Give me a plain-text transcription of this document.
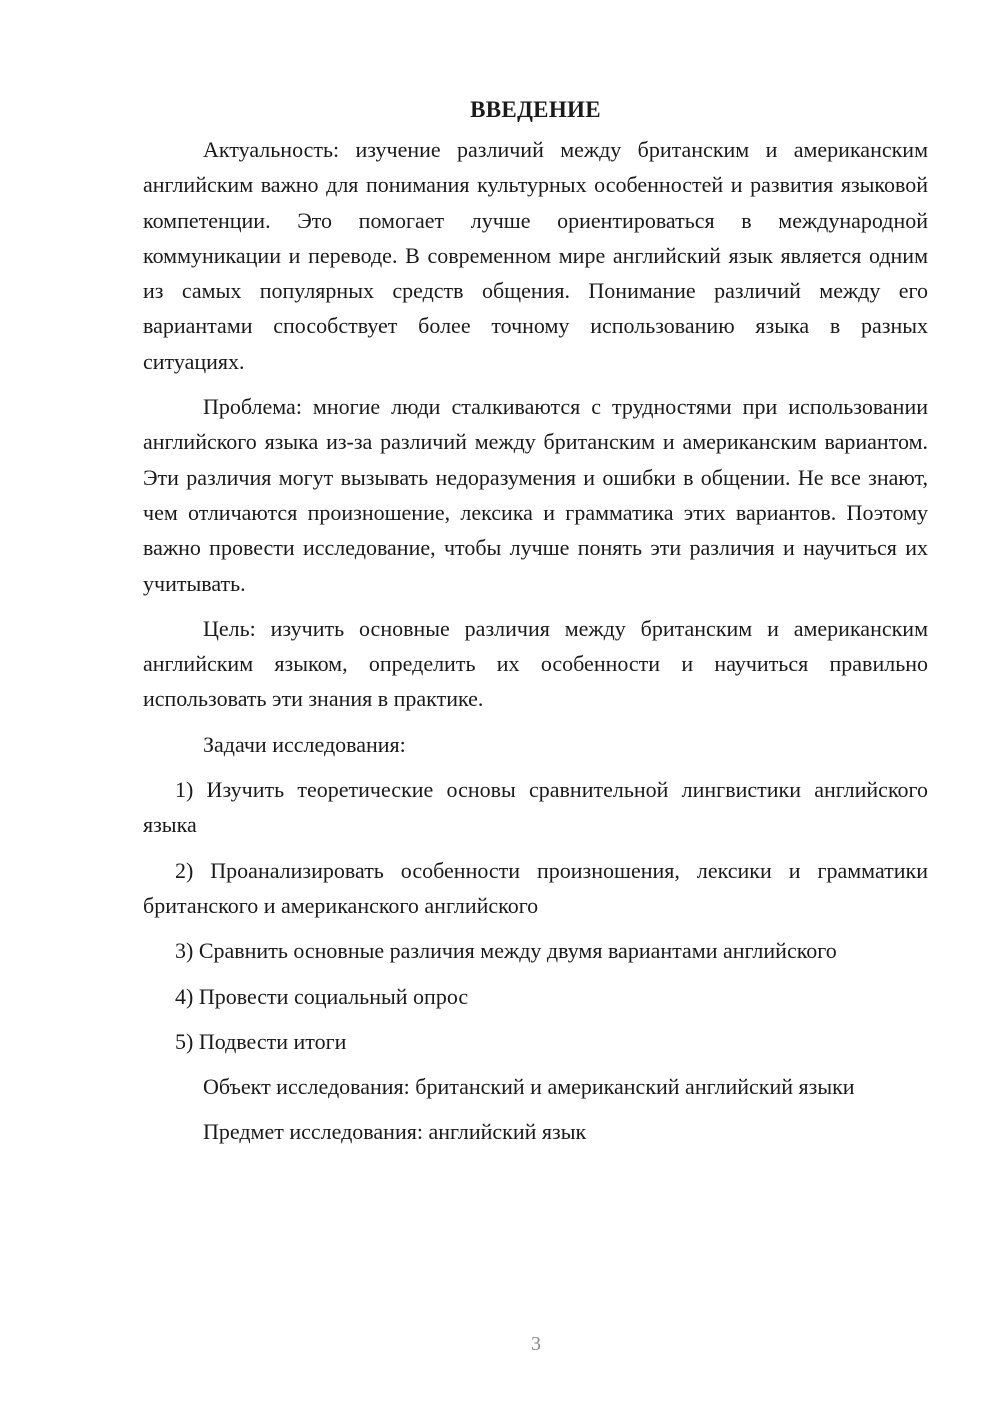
ВВЕДЕНИЕ

Актуальность: изучение различий между британским и американским английским важно для понимания культурных особенностей и развития языковой компетенции. Это помогает лучше ориентироваться в международной коммуникации и переводе. В современном мире английский язык является одним из самых популярных средств общения. Понимание различий между его вариантами способствует более точному использованию языка в разных ситуациях.

Проблема: многие люди сталкиваются с трудностями при использовании английского языка из-за различий между британским и американским вариантом. Эти различия могут вызывать недоразумения и ошибки в общении. Не все знают, чем отличаются произношение, лексика и грамматика этих вариантов. Поэтому важно провести исследование, чтобы лучше понять эти различия и научиться их учитывать.

Цель: изучить основные различия между британским и американским английским языком, определить их особенности и научиться правильно использовать эти знания в практике.

Задачи исследования:

1) Изучить теоретические основы сравнительной лингвистики английского языка

2) Проанализировать особенности произношения, лексики и грамматики британского и американского английского

3) Сравнить основные различия между двумя вариантами английского

4) Провести социальный опрос

5) Подвести итоги

Объект исследования: британский и американский английский языки

Предмет исследования: английский язык

3
